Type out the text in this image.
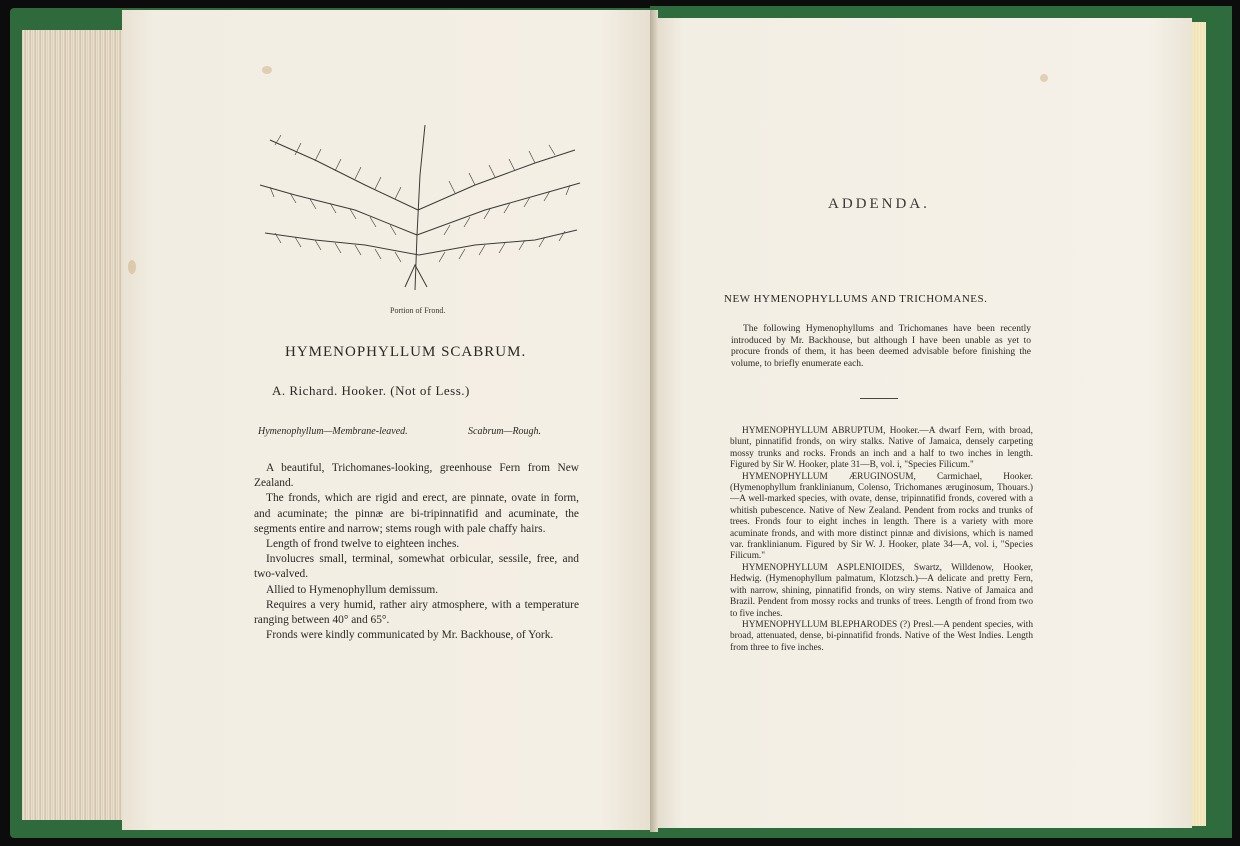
Portion of Frond.
HYMENOPHYLLUM SCABRUM.
A. Richard. Hooker. (Not of Less.)
Hymenophyllum—Membrane-leaved.	Scabrum—Rough.

A beautiful, Trichomanes-looking, greenhouse Fern from New Zealand.

The fronds, which are rigid and erect, are pinnate, ovate in form, and acuminate; the pinnæ are bi-tripinnatifid and acuminate, the segments entire and narrow; stems rough with pale chaffy hairs.

Length of frond twelve to eighteen inches.

Involucres small, terminal, somewhat orbicular, sessile, free, and two-valved.

Allied to Hymenophyllum demissum.

Requires a very humid, rather airy atmosphere, with a temperature ranging between 40° and 65°.

Fronds were kindly communicated by Mr. Backhouse, of York.

ADDENDA.
NEW HYMENOPHYLLUMS AND TRICHOMANES.

The following Hymenophyllums and Trichomanes have been recently introduced by Mr. Backhouse, but although I have been unable as yet to procure fronds of them, it has been deemed advisable before finishing the volume, to briefly enumerate each.

HYMENOPHYLLUM ABRUPTUM, Hooker.—A dwarf Fern, with broad, blunt, pinnatifid fronds, on wiry stalks. Native of Jamaica, densely carpeting mossy trunks and rocks. Fronds an inch and a half to two inches in length. Figured by Sir W. Hooker, plate 31—B, vol. i, "Species Filicum."

HYMENOPHYLLUM ÆRUGINOSUM, Carmichael, Hooker. (Hymenophyllum franklinianum, Colenso, Trichomanes æruginosum, Thouars.)—A well-marked species, with ovate, dense, tripinnatifid fronds, covered with a whitish pubescence. Native of New Zealand. Pendent from rocks and trunks of trees. Fronds four to eight inches in length. There is a variety with more acuminate fronds, and with more distinct pinnæ and divisions, which is named var. franklinianum. Figured by Sir W. J. Hooker, plate 34—A, vol. i, "Species Filicum."

HYMENOPHYLLUM ASPLENIOIDES, Swartz, Willdenow, Hooker, Hedwig. (Hymenophyllum palmatum, Klotzsch.)—A delicate and pretty Fern, with narrow, shining, pinnatifid fronds, on wiry stems. Native of Jamaica and Brazil. Pendent from mossy rocks and trunks of trees. Length of frond from two to five inches.

HYMENOPHYLLUM BLEPHARODES (?) Presl.—A pendent species, with broad, attenuated, dense, bi-pinnatifid fronds. Native of the West Indies. Length from three to five inches.
